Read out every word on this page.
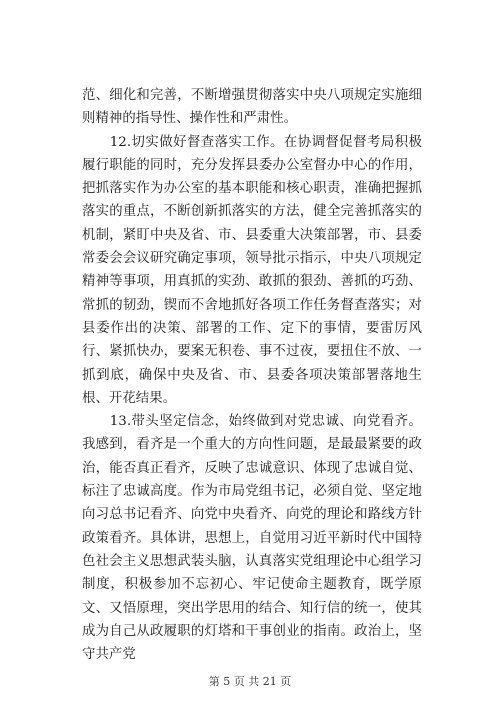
范、细化和完善，不断增强贯彻落实中央八项规定实施细则精神的指导性、操作性和严肃性。

　　12.切实做好督查落实工作。在协调督促督考局积极履行职能的同时，充分发挥县委办公室督办中心的作用，把抓落实作为办公室的基本职能和核心职责，准确把握抓落实的重点，不断创新抓落实的方法，健全完善抓落实的机制，紧盯中央及省、市、县委重大决策部署，市、县委常委会会议研究确定事项，领导批示指示，中央八项规定精神等事项，用真抓的实劲、敢抓的狠劲、善抓的巧劲、常抓的韧劲，锲而不舍地抓好各项工作任务督查落实；对县委作出的决策、部署的工作、定下的事情，要雷厉风行、紧抓快办，要案无积卷、事不过夜，要扭住不放、一抓到底，确保中央及省、市、县委各项决策部署落地生根、开花结果。

　　13.带头坚定信念，始终做到对党忠诚、向党看齐。我感到，看齐是一个重大的方向性问题，是最最紧要的政治，能否真正看齐，反映了忠诚意识、体现了忠诚自觉、标注了忠诚高度。作为市局党组书记，必须自觉、坚定地向习总书记看齐、向党中央看齐、向党的理论和路线方针政策看齐。具体讲，思想上，自觉用习近平新时代中国特色社会主义思想武装头脑，认真落实党组理论中心组学习制度，积极参加不忘初心、牢记使命主题教育，既学原文、又悟原理，突出学思用的结合、知行信的统一，使其成为自己从政履职的灯塔和干事创业的指南。政治上，坚守共产党

第 5 页 共 21 页
